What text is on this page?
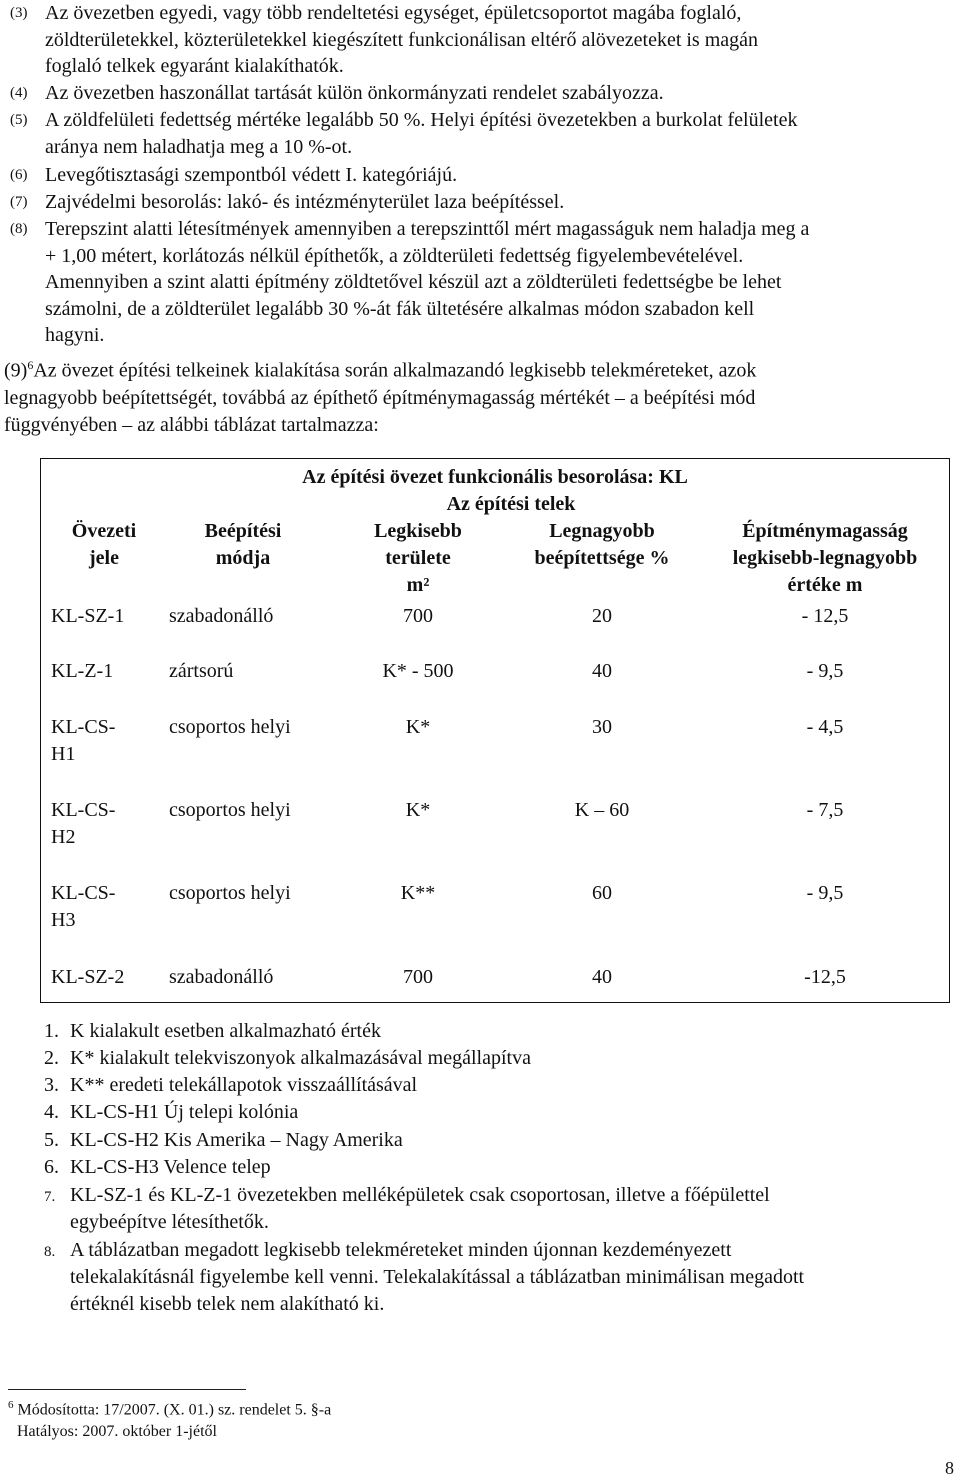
(3) Az övezetben egyedi, vagy több rendeltetési egységet, épületcsoportot magába foglaló,
zöldterületekkel, közterületekkel kiegészített funkcionálisan eltérő alövezeteket is magán
foglaló telkek egyaránt kialakíthatók.
(4) Az övezetben haszonállat tartását külön önkormányzati rendelet szabályozza.
(5) A zöldfelületi fedettség mértéke legalább 50 %. Helyi építési övezetekben a burkolat felületek
aránya nem haladhatja meg a 10 %-ot.
(6) Levegőtisztasági szempontból védett I. kategóriájú.
(7) Zajvédelmi besorolás: lakó- és intézményterület laza beépítéssel.
(8) Terepszint alatti létesítmények amennyiben a terepszinttől mért magasságuk nem haladja meg a
+ 1,00 métert, korlátozás nélkül építhetők, a zöldterületi fedettség figyelembevételével.
Amennyiben a szint alatti építmény zöldtetővel készül azt a zöldterületi fedettségbe be lehet
számolni, de a zöldterület legalább 30 %-át fák ültetésére alkalmas módon szabadon kell
hagyni.
$(9)^6Az$ övezet építési telkeinek kialakítása során alkalmazandó legkisebb telekméreteket, azok
legnagyobb beépítettségét, továbbá az építhető építménymagasság mértékét – a beépítési mód
függvényében – az alábbi táblázat tartalmazza:
Az építési övezet funkcionális besorolása: KL
Az építési telek
Övezeti
jele
Beépítési
módja
Legkisebb
területe
m²
Legnagyobb
beépítettsége %
Építménymagasság
legkisebb-legnagyobb
értéke m
KL-SZ-1 szabadonálló	700	20	- 12,5
KL-Z-1	zártsorú	K* - 500	40	- 9,5
KL-CS-
H1
csoportos helyi	K*	30	- 4,5
KL-CS-
H2
csoportos helyi	K*	K – 60	- 7,5
KL-CS-
H3
csoportos helyi	K**	60	- 9,5
KL-SZ-2 szabadonálló	700	40	-12,5
1. K kialakult esetben alkalmazható érték
2. K* kialakult telekviszonyok alkalmazásával megállapítva
3. K** eredeti telekállapotok visszaállításával
4. KL-CS-H1 Új telepi kolónia
5. KL-CS-H2 Kis Amerika – Nagy Amerika
6. KL-CS-H3 Velence telep
7. KL-SZ-1 és KL-Z-1 övezetekben melléképületek csak csoportosan, illetve a főépülettel
egybeépítve létesíthetők.
8. A táblázatban megadott legkisebb telekméreteket minden újonnan kezdeményezett
telekalakításnál figyelembe kell venni. Telekalakítással a táblázatban minimálisan megadott
értéknél kisebb telek nem alakítható ki.
$^6$ Módosította: 17/2007. (X. 01.) sz. rendelet 5. §-a
Hatályos: 2007. október 1-jétől
8
